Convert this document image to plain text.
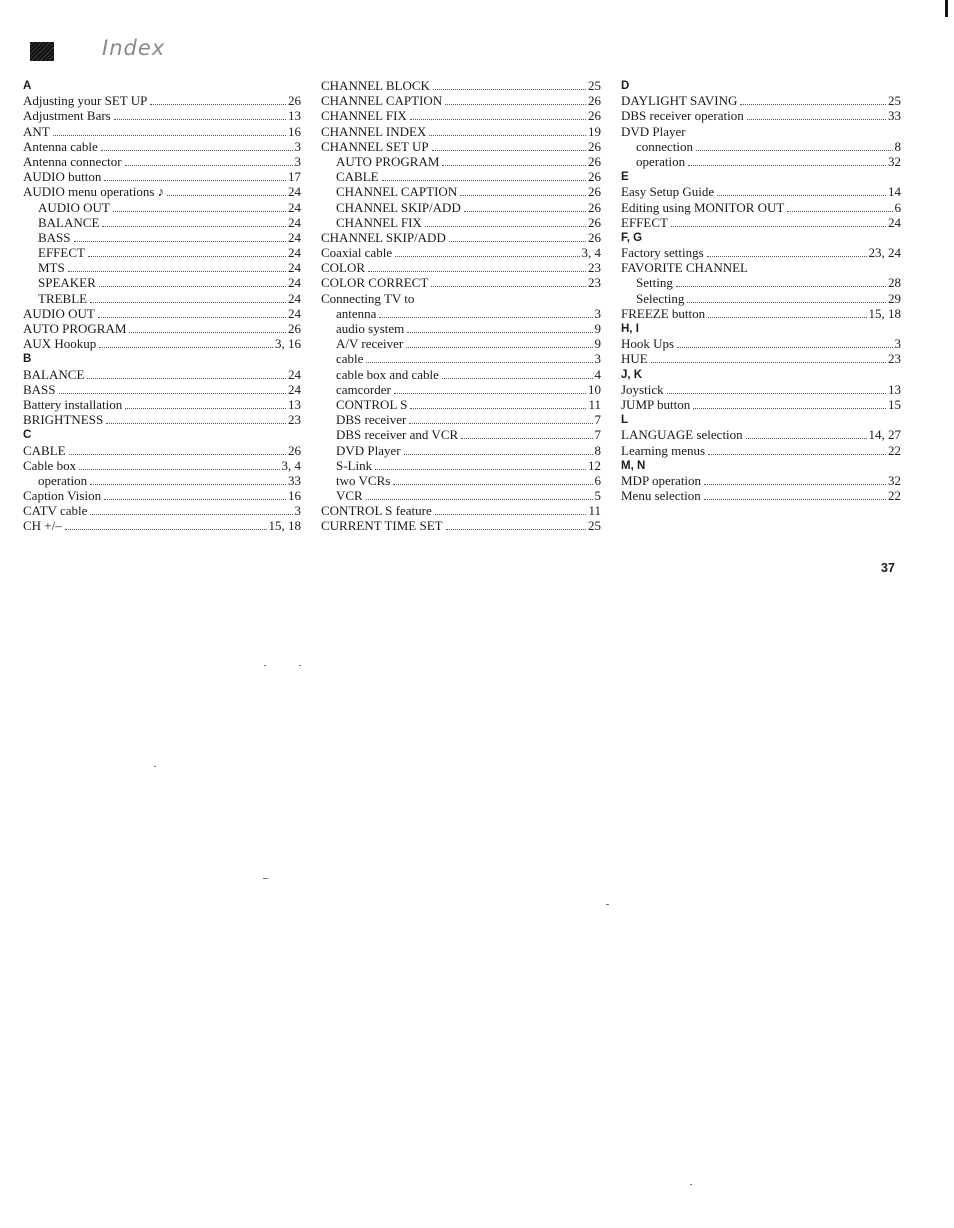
Index
A
Adjusting your SET UP	26
Adjustment Bars	13
ANT	16
Antenna cable	3
Antenna connector	3
AUDIO button	17
AUDIO menu operations ♪	24
AUDIO OUT	24
BALANCE	24
BASS	24
EFFECT	24
MTS	24
SPEAKER	24
TREBLE	24
AUDIO OUT	24
AUTO PROGRAM	26
AUX Hookup	3, 16
B
BALANCE	24
BASS	24
Battery installation	13
BRIGHTNESS	23
C
CABLE	26
Cable box	3, 4
operation	33
Caption Vision	16
CATV cable	3
CH +/–	15, 18
CHANNEL BLOCK	25
CHANNEL CAPTION	26
CHANNEL FIX	26
CHANNEL INDEX	19
CHANNEL SET UP	26
AUTO PROGRAM	26
CABLE	26
CHANNEL CAPTION	26
CHANNEL SKIP/ADD	26
CHANNEL FIX	26
CHANNEL SKIP/ADD	26
Coaxial cable	3, 4
COLOR	23
COLOR CORRECT	23
Connecting TV to
antenna	3
audio system	9
A/V receiver	9
cable	3
cable box and cable	4
camcorder	10
CONTROL S	11
DBS receiver	7
DBS receiver and VCR	7
DVD Player	8
S-Link	12
two VCRs	6
VCR	5
CONTROL S feature	11
CURRENT TIME SET	25
D
DAYLIGHT SAVING	25
DBS receiver operation	33
DVD Player
connection	8
operation	32
E
Easy Setup Guide	14
Editing using MONITOR OUT	6
EFFECT	24
F, G
Factory settings	23, 24
FAVORITE CHANNEL
Setting	28
Selecting	29
FREEZE button	15, 18
H, I
Hook Ups	3
HUE	23
J, K
Joystick	13
JUMP button	15
L
LANGUAGE selection	14, 27
Learning menus	22
M, N
MDP operation	32
Menu selection	22
37
